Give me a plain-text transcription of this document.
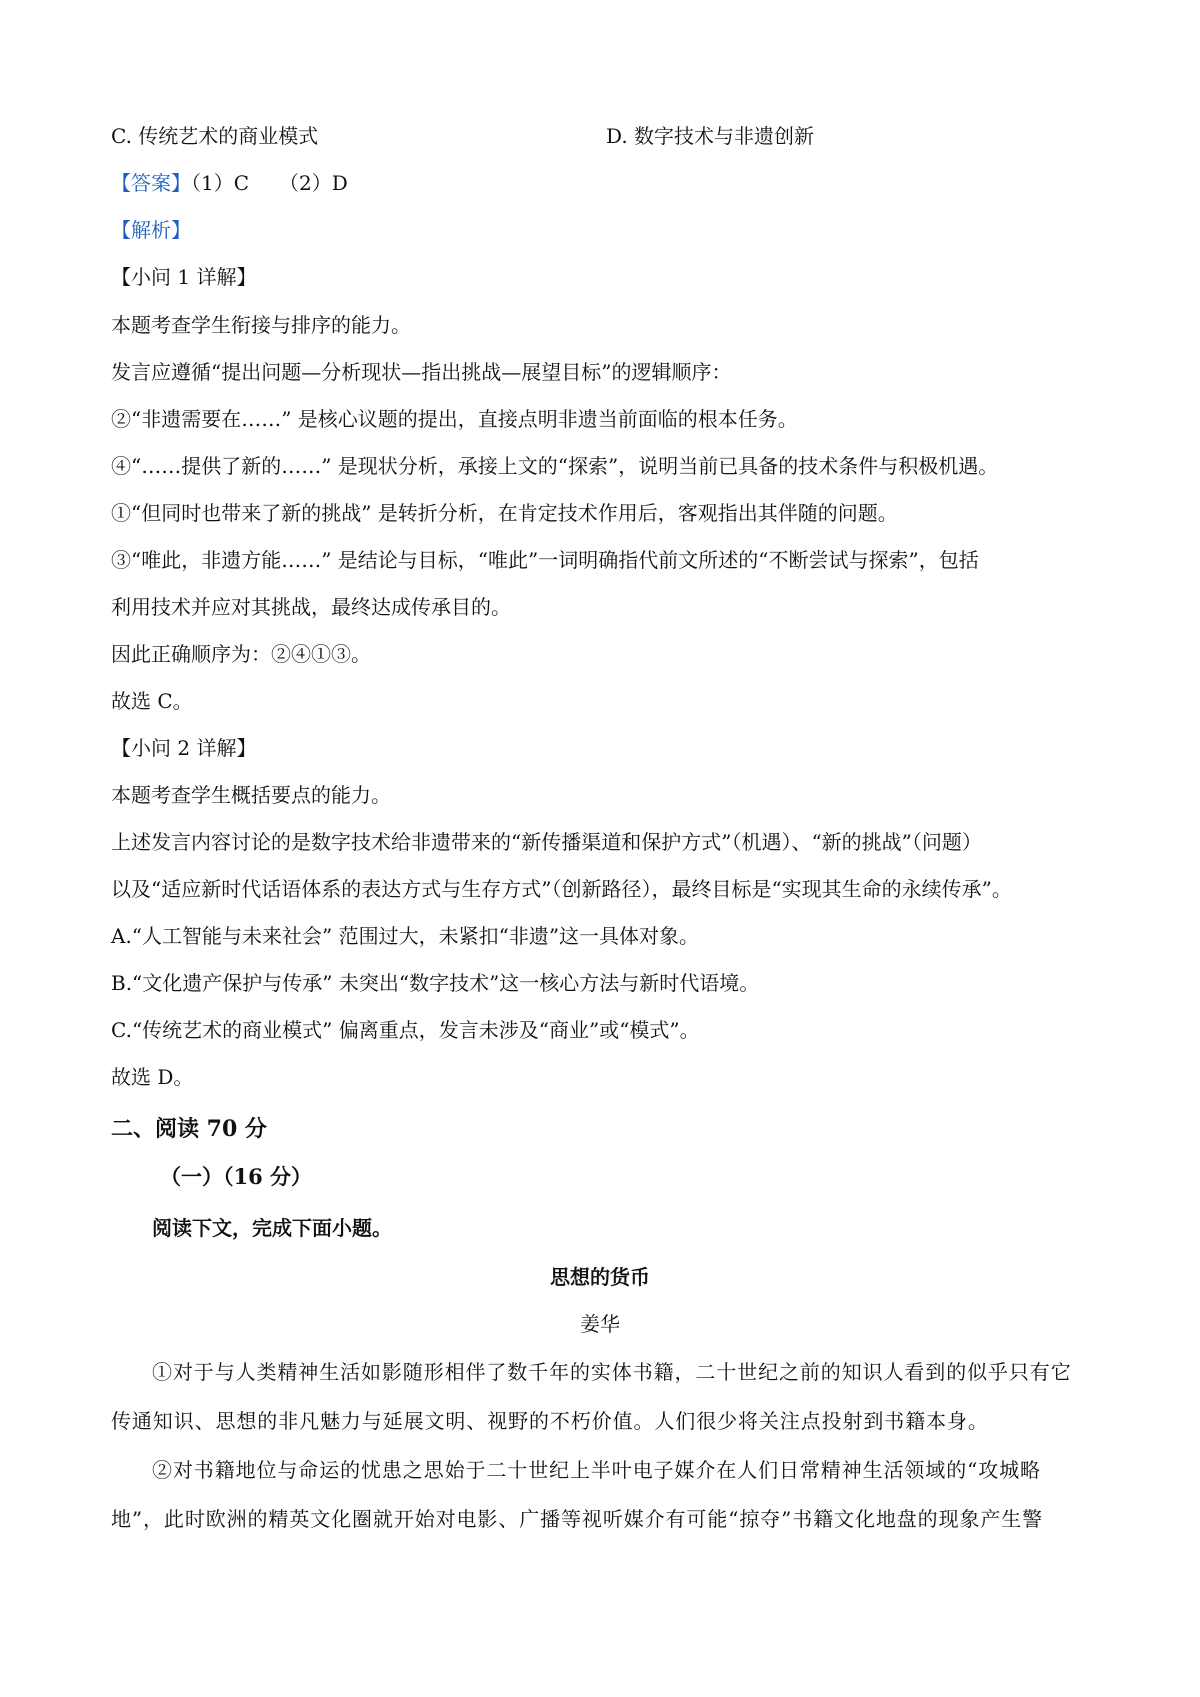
C. 传统艺术的商业模式	D. 数字技术与非遗创新
【答案】（1）C　　（2）D
【解析】
【小问 1 详解】
本题考查学生衔接与排序的能力。
发言应遵循“提出问题—分析现状—指出挑战—展望目标”的逻辑顺序：
②“非遗需要在……” 是核心议题的提出，直接点明非遗当前面临的根本任务。
④“……提供了新的……” 是现状分析，承接上文的“探索”，说明当前已具备的技术条件与积极机遇。
①“但同时也带来了新的挑战” 是转折分析，在肯定技术作用后，客观指出其伴随的问题。
③“唯此，非遗方能……” 是结论与目标，“唯此”一词明确指代前文所述的“不断尝试与探索”，包括
利用技术并应对其挑战，最终达成传承目的。
因此正确顺序为：②④①③。
故选 C。
【小问 2 详解】
本题考查学生概括要点的能力。
上述发言内容讨论的是数字技术给非遗带来的“新传播渠道和保护方式”（机遇）、“新的挑战”（问题）
以及“适应新时代话语体系的表达方式与生存方式”（创新路径），最终目标是“实现其生命的永续传承”。
A.“人工智能与未来社会” 范围过大，未紧扣“非遗”这一具体对象。
B.“文化遗产保护与传承” 未突出“数字技术”这一核心方法与新时代语境。
C.“传统艺术的商业模式” 偏离重点，发言未涉及“商业”或“模式”。
故选 D。
二、阅读 70 分
（一）（16 分）
阅读下文，完成下面小题。
思想的货币
姜华
①对于与人类精神生活如影随形相伴了数千年的实体书籍，二十世纪之前的知识人看到的似乎只有它
传通知识、思想的非凡魅力与延展文明、视野的不朽价值。人们很少将关注点投射到书籍本身。
②对书籍地位与命运的忧患之思始于二十世纪上半叶电子媒介在人们日常精神生活领域的“攻城略
地”，此时欧洲的精英文化圈就开始对电影、广播等视听媒介有可能“掠夺”书籍文化地盘的现象产生警
